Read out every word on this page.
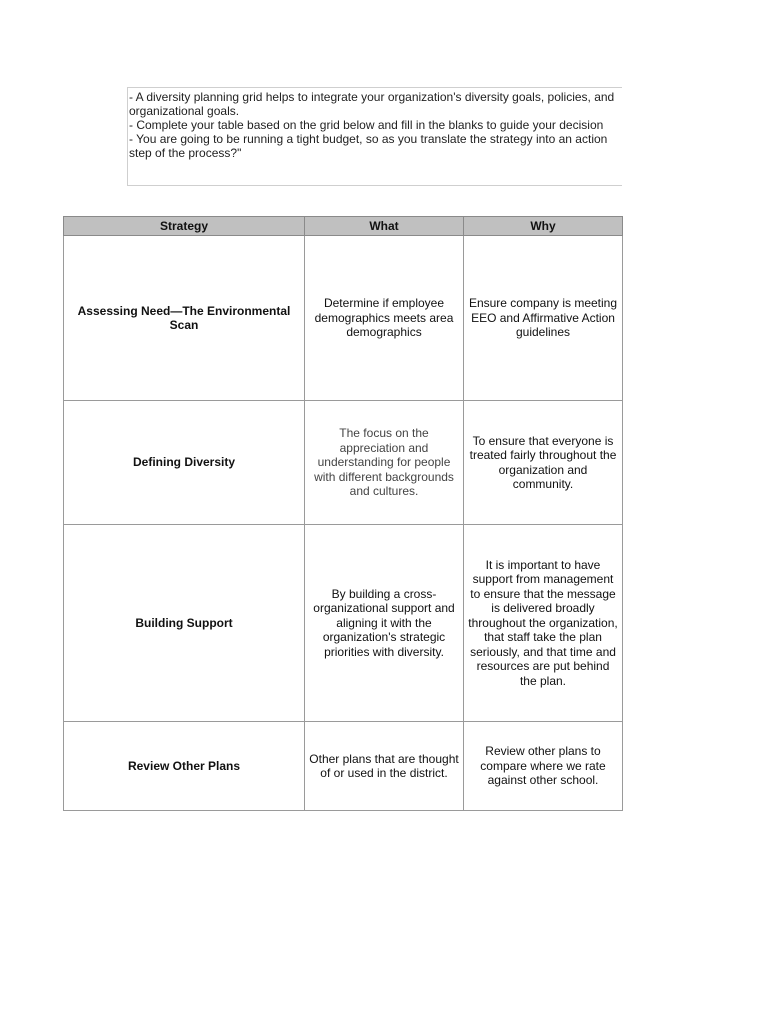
- A diversity planning grid helps to integrate your organization's diversity goals, policies, and
organizational goals.
- Complete your table based on the grid below and fill in the blanks to guide your decision
- You are going to be running a tight budget, so as you translate the strategy into an action
step of the process?"
Strategy	What	Why
Assessing Need—The Environmental Scan	Determine if employee demographics meets area demographics	Ensure company is meeting EEO and Affirmative Action guidelines
Defining Diversity	The focus on the appreciation and understanding for people with different backgrounds and cultures.	To ensure that everyone is treated fairly throughout the organization and community.
Building Support	By building a cross-organizational support and aligning it with the organization's strategic priorities with diversity.	It is important to have support from management to ensure that the message is delivered broadly throughout the organization, that staff take the plan seriously, and that time and resources are put behind the plan.
Review Other Plans	Other plans that are thought of or used in the district.	Review other plans to compare where we rate against other school.
